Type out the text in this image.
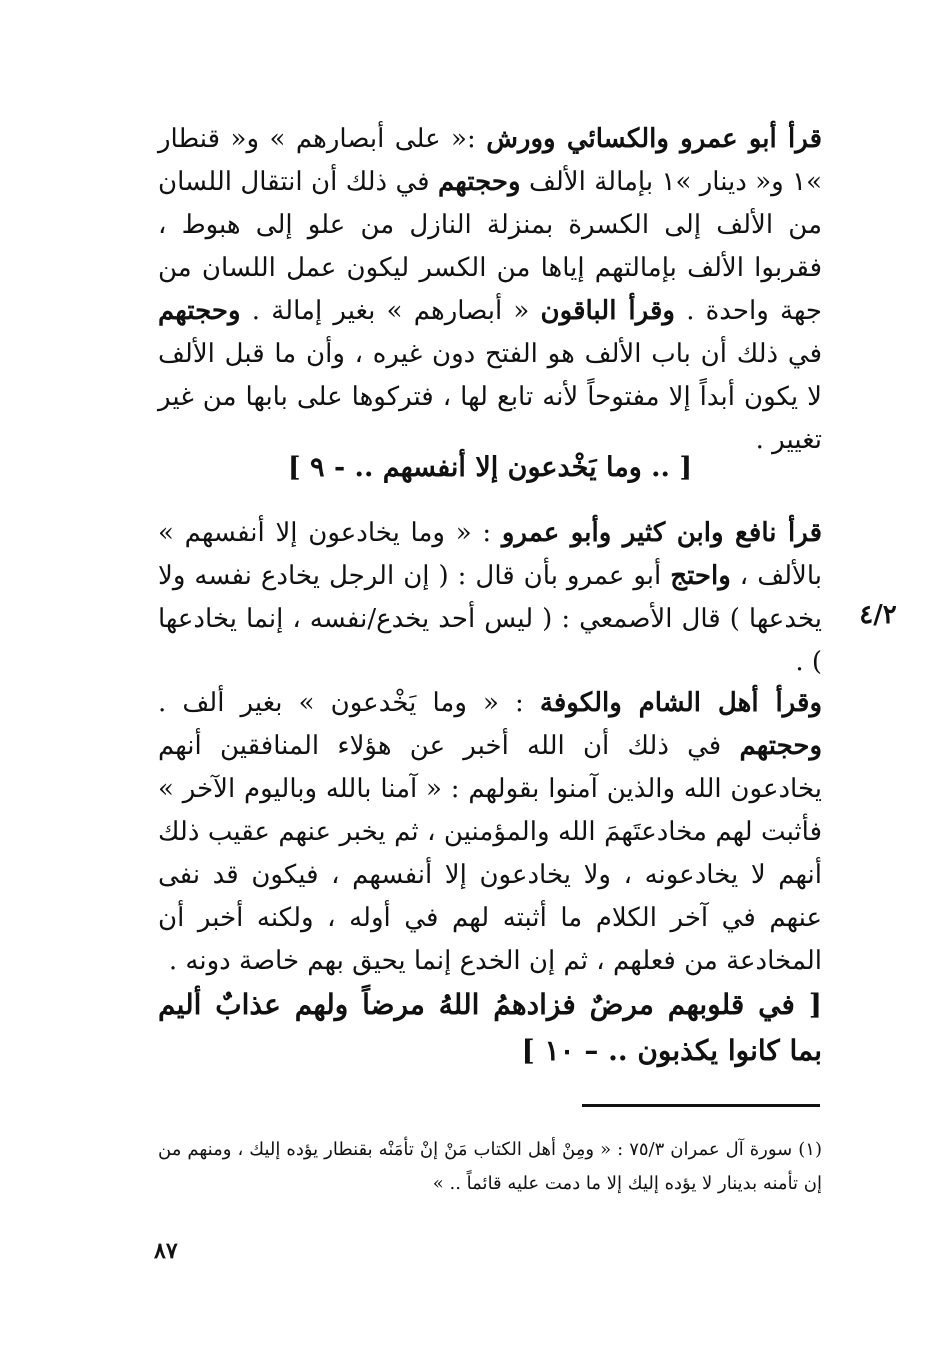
قرأ أبو عمرو والكسائي وورش :« على أبصارهم » و« قنطار »١ و« دينار »١ بإمالة الألف وحجتهم في ذلك أن انتقال اللسان من الألف إلى الكسرة بمنزلة النازل من علو إلى هبوط ، فقربوا الألف بإمالتهم إياها من الكسر ليكون عمل اللسان من جهة واحدة . وقرأ الباقون « أبصارهم » بغير إمالة . وحجتهم في ذلك أن باب الألف هو الفتح دون غيره ، وأن ما قبل الألف لا يكون أبداً إلا مفتوحاً لأنه تابع لها ، فتركوها على بابها من غير تغيير .

[ .. وما يَخْدعون إلا أنفسهم .. - ٩ ]

قرأ نافع وابن كثير وأبو عمرو : « وما يخادعون إلا أنفسهم » بالألف ، واحتج أبو عمرو بأن قال : ( إن الرجل يخادع نفسه ولا يخدعها ) قال الأصمعي : ( ليس أحد يخدع/نفسه ، إنما يخادعها ) .

٤/٢

وقرأ أهل الشام والكوفة : « وما يَخْدعون » بغير ألف . وحجتهم في ذلك أن الله أخبر عن هؤلاء المنافقين أنهم يخادعون الله والذين آمنوا بقولهم : « آمنا بالله وباليوم الآخر » فأثبت لهم مخادعتَهمَ الله والمؤمنين ، ثم يخبر عنهم عقيب ذلك أنهم لا يخادعونه ، ولا يخادعون إلا أنفسهم ، فيكون قد نفى عنهم في آخر الكلام ما أثبته لهم في أوله ، ولكنه أخبر أن المخادعة من فعلهم ، ثم إن الخدع إنما يحيق بهم خاصة دونه .

[ في قلوبهم مرضٌ فزادهمُ اللهُ مرضاً ولهم عذابٌ أليم بما كانوا يكذبون .. – ١٠ ]
(١) سورة آل عمران ٧٥/٣ : « ومِنْ أهل الكتاب مَنْ إنْ تأمَنْه بقنطار يؤده إليك ، ومنهم من إن تأمنه بدينار لا يؤده إليك إلا ما دمت عليه قائماً .. »
٨٧
